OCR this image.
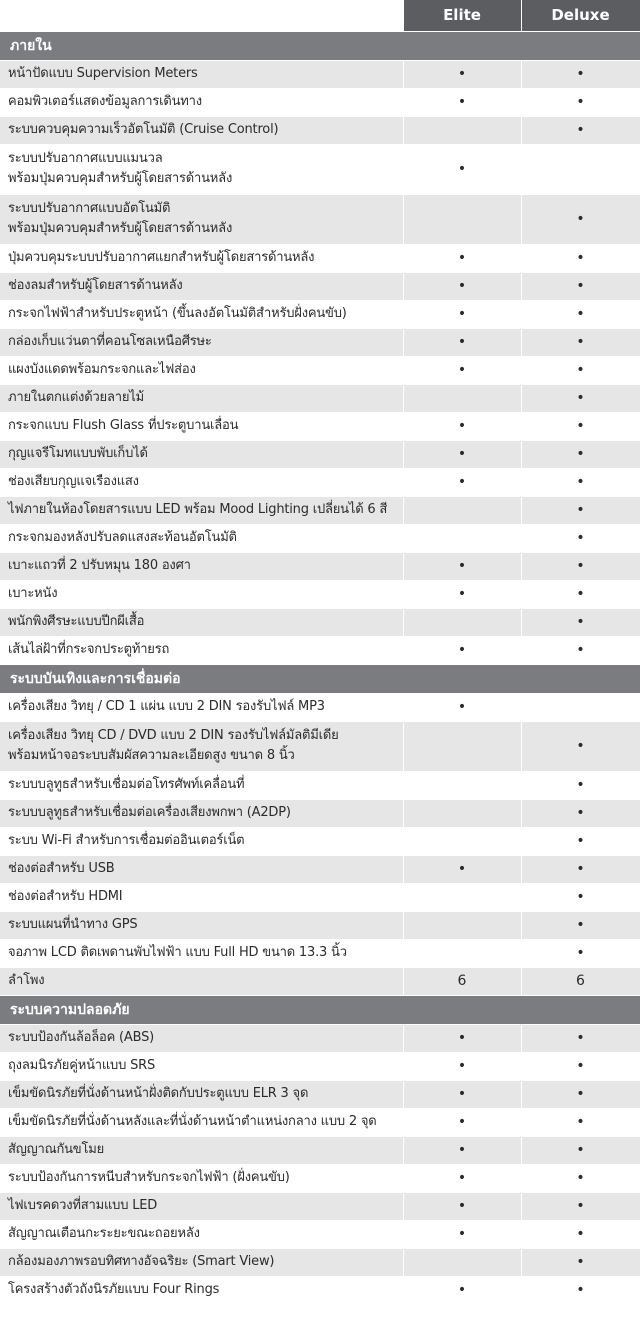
	Elite	Deluxe
ภายใน		

หน้าปัดแบบ Supervision Meters	•	•

คอมพิวเตอร์แสดงข้อมูลการเดินทาง	•	•

ระบบควบคุมความเร็วอัตโนมัติ (Cruise Control)		•

ระบบปรับอากาศแบบแมนวล
พร้อมปุ่มควบคุมสำหรับผู้โดยสารด้านหลัง	•	

ระบบปรับอากาศแบบอัตโนมัติ
พร้อมปุ่มควบคุมสำหรับผู้โดยสารด้านหลัง		•

ปุ่มควบคุมระบบปรับอากาศแยกสำหรับผู้โดยสารด้านหลัง	•	•

ช่องลมสำหรับผู้โดยสารด้านหลัง	•	•

กระจกไฟฟ้าสำหรับประตูหน้า (ขึ้นลงอัตโนมัติสำหรับฝั่งคนขับ)	•	•

กล่องเก็บแว่นตาที่คอนโซลเหนือศีรษะ	•	•

แผงบังแดดพร้อมกระจกและไฟส่อง	•	•

ภายในตกแต่งด้วยลายไม้		•

กระจกแบบ Flush Glass ที่ประตูบานเลื่อน	•	•

กุญแจรีโมทแบบพับเก็บได้	•	•

ช่องเสียบกุญแจเรืองแสง	•	•

ไฟภายในห้องโดยสารแบบ LED พร้อม Mood Lighting เปลี่ยนได้ 6 สี		•

กระจกมองหลังปรับลดแสงสะท้อนอัตโนมัติ		•

เบาะแถวที่ 2 ปรับหมุน 180 องศา	•	•

เบาะหนัง	•	•

พนักพิงศีรษะแบบปีกผีเสื้อ		•

เส้นไล่ฝ้าที่กระจกประตูท้ายรถ	•	•
ระบบบันเทิงและการเชื่อมต่อ		

เครื่องเสียง วิทยุ / CD 1 แผ่น แบบ 2 DIN รองรับไฟล์ MP3	•	

เครื่องเสียง วิทยุ CD / DVD แบบ 2 DIN รองรับไฟล์มัลติมีเดีย
พร้อมหน้าจอระบบสัมผัสความละเอียดสูง ขนาด 8 นิ้ว		•

ระบบบลูทูธสำหรับเชื่อมต่อโทรศัพท์เคลื่อนที่		•

ระบบบลูทูธสำหรับเชื่อมต่อเครื่องเสียงพกพา (A2DP)		•

ระบบ Wi-Fi สำหรับการเชื่อมต่ออินเตอร์เน็ต		•

ช่องต่อสำหรับ USB	•	•

ช่องต่อสำหรับ HDMI		•

ระบบแผนที่นำทาง GPS		•

จอภาพ LCD ติดเพดานพับไฟฟ้า แบบ Full HD ขนาด 13.3 นิ้ว		•

ลำโพง	6	6
ระบบความปลอดภัย		

ระบบป้องกันล้อล็อค (ABS)	•	•

ถุงลมนิรภัยคู่หน้าแบบ SRS	•	•

เข็มขัดนิรภัยที่นั่งด้านหน้าฝั่งติดกับประตูแบบ ELR 3 จุด	•	•

เข็มขัดนิรภัยที่นั่งด้านหลังและที่นั่งด้านหน้าตำแหน่งกลาง แบบ 2 จุด	•	•

สัญญาณกันขโมย	•	•

ระบบป้องกันการหนีบสำหรับกระจกไฟฟ้า (ฝั่งคนขับ)	•	•

ไฟเบรคดวงที่สามแบบ LED	•	•

สัญญาณเตือนกะระยะขณะถอยหลัง	•	•

กล้องมองภาพรอบทิศทางอัจฉริยะ (Smart View)		•

โครงสร้างตัวถังนิรภัยแบบ Four Rings	•	•
